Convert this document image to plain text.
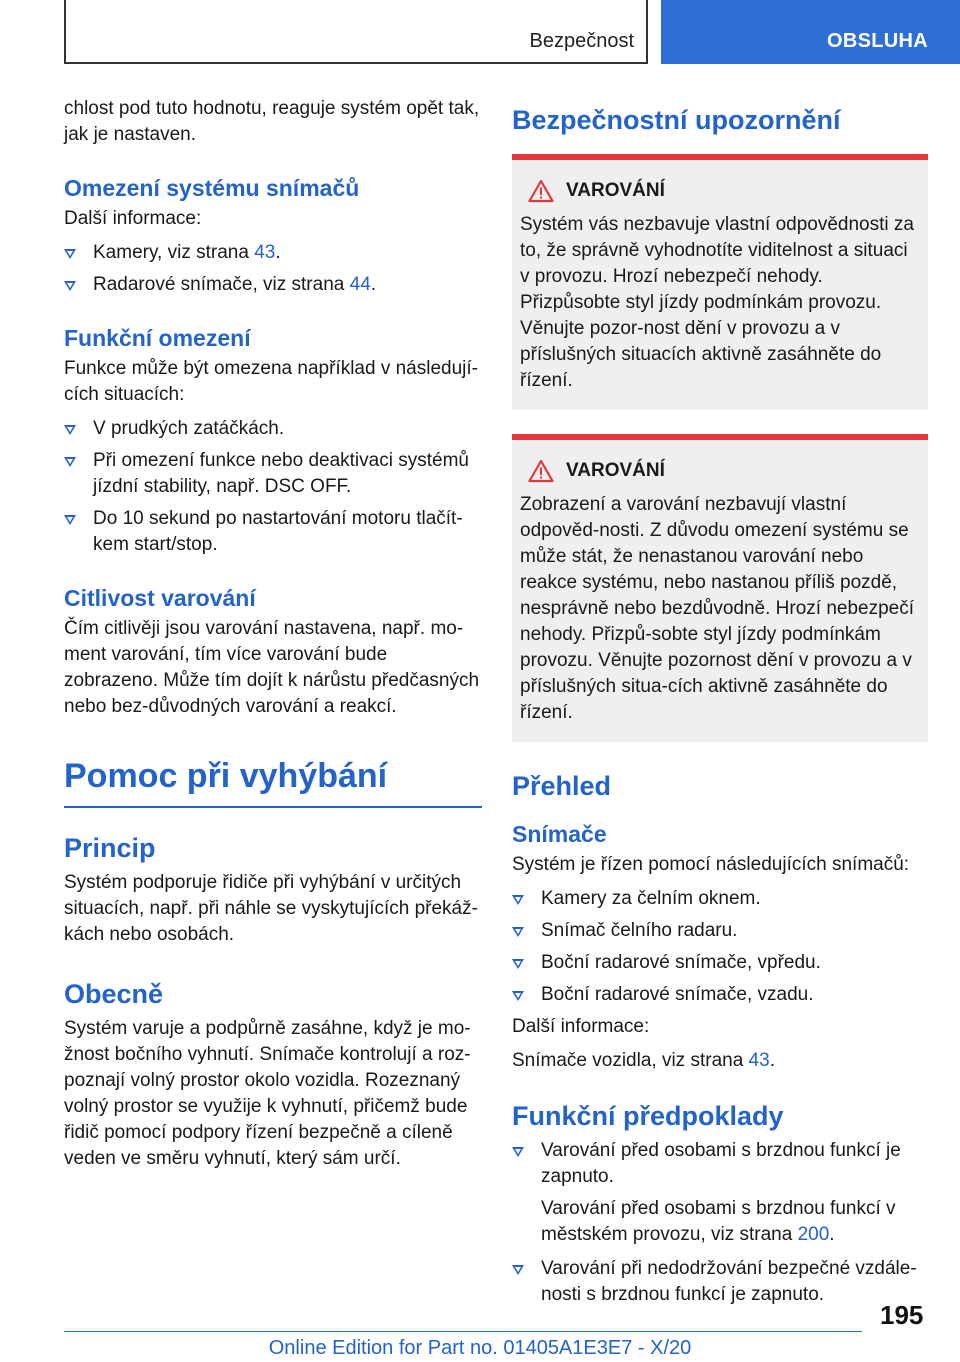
Bezpečnost	OBSLUHA

chlost pod tuto hodnotu, reaguje systém opět tak, jak je nastaven.

Omezení systému snímačů

Další informace:

Kamery, viz strana 43.
Radarové snímače, viz strana 44.
Funkční omezení

Funkce může být omezena například v následují‐cích situacích:

V prudkých zatáčkách.
Při omezení funkce nebo deaktivaci systémů jízdní stability, např. DSC OFF.
Do 10 sekund po nastartování motoru tlačít‐kem start/stop.
Citlivost varování

Čím citlivěji jsou varování nastavena, např. mo‐ment varování, tím více varování bude zobrazeno. Může tím dojít k nárůstu předčasných nebo bez‐důvodných varování a reakcí.

Pomoc při vyhýbání
Princip

Systém podporuje řidiče při vyhýbání v určitých situacích, např. při náhle se vyskytujících překáž‐kách nebo osobách.

Obecně

Systém varuje a podpůrně zasáhne, když je mo‐žnost bočního vyhnutí. Snímače kontrolují a roz‐poznají volný prostor okolo vozidla. Rozeznaný volný prostor se využije k vyhnutí, přičemž bude řidič pomocí podpory řízení bezpečně a cíleně veden ve směru vyhnutí, který sám určí.

Bezpečnostní upozornění
VAROVÁNÍ
Systém vás nezbavuje vlastní odpovědnosti za to, že správně vyhodnotíte viditelnost a situaci v provozu. Hrozí nebezpečí nehody. Přizpůsobte styl jízdy podmínkám provozu. Věnujte pozor‐nost dění v provozu a v příslušných situacích aktivně zasáhněte do řízení.
VAROVÁNÍ
Zobrazení a varování nezbavují vlastní odpověd‐nosti. Z důvodu omezení systému se může stát, že nenastanou varování nebo reakce systému, nebo nastanou příliš pozdě, nesprávně nebo bezdůvodně. Hrozí nebezpečí nehody. Přizpů‐sobte styl jízdy podmínkám provozu. Věnujte pozornost dění v provozu a v příslušných situa‐cích aktivně zasáhněte do řízení.
Přehled
Snímače

Systém je řízen pomocí následujících snímačů:

Kamery za čelním oknem.
Snímač čelního radaru.
Boční radarové snímače, vpředu.
Boční radarové snímače, vzadu.

Další informace:

Snímače vozidla, viz strana 43.

Funkční předpoklady
Varování před osobami s brzdnou funkcí je zapnuto.

Varování před osobami s brzdnou funkcí v městském provozu, viz strana 200.

Varování při nedodržování bezpečné vzdále‐nosti s brzdnou funkcí je zapnuto.
195
Online Edition for Part no. 01405A1E3E7 - X/20
